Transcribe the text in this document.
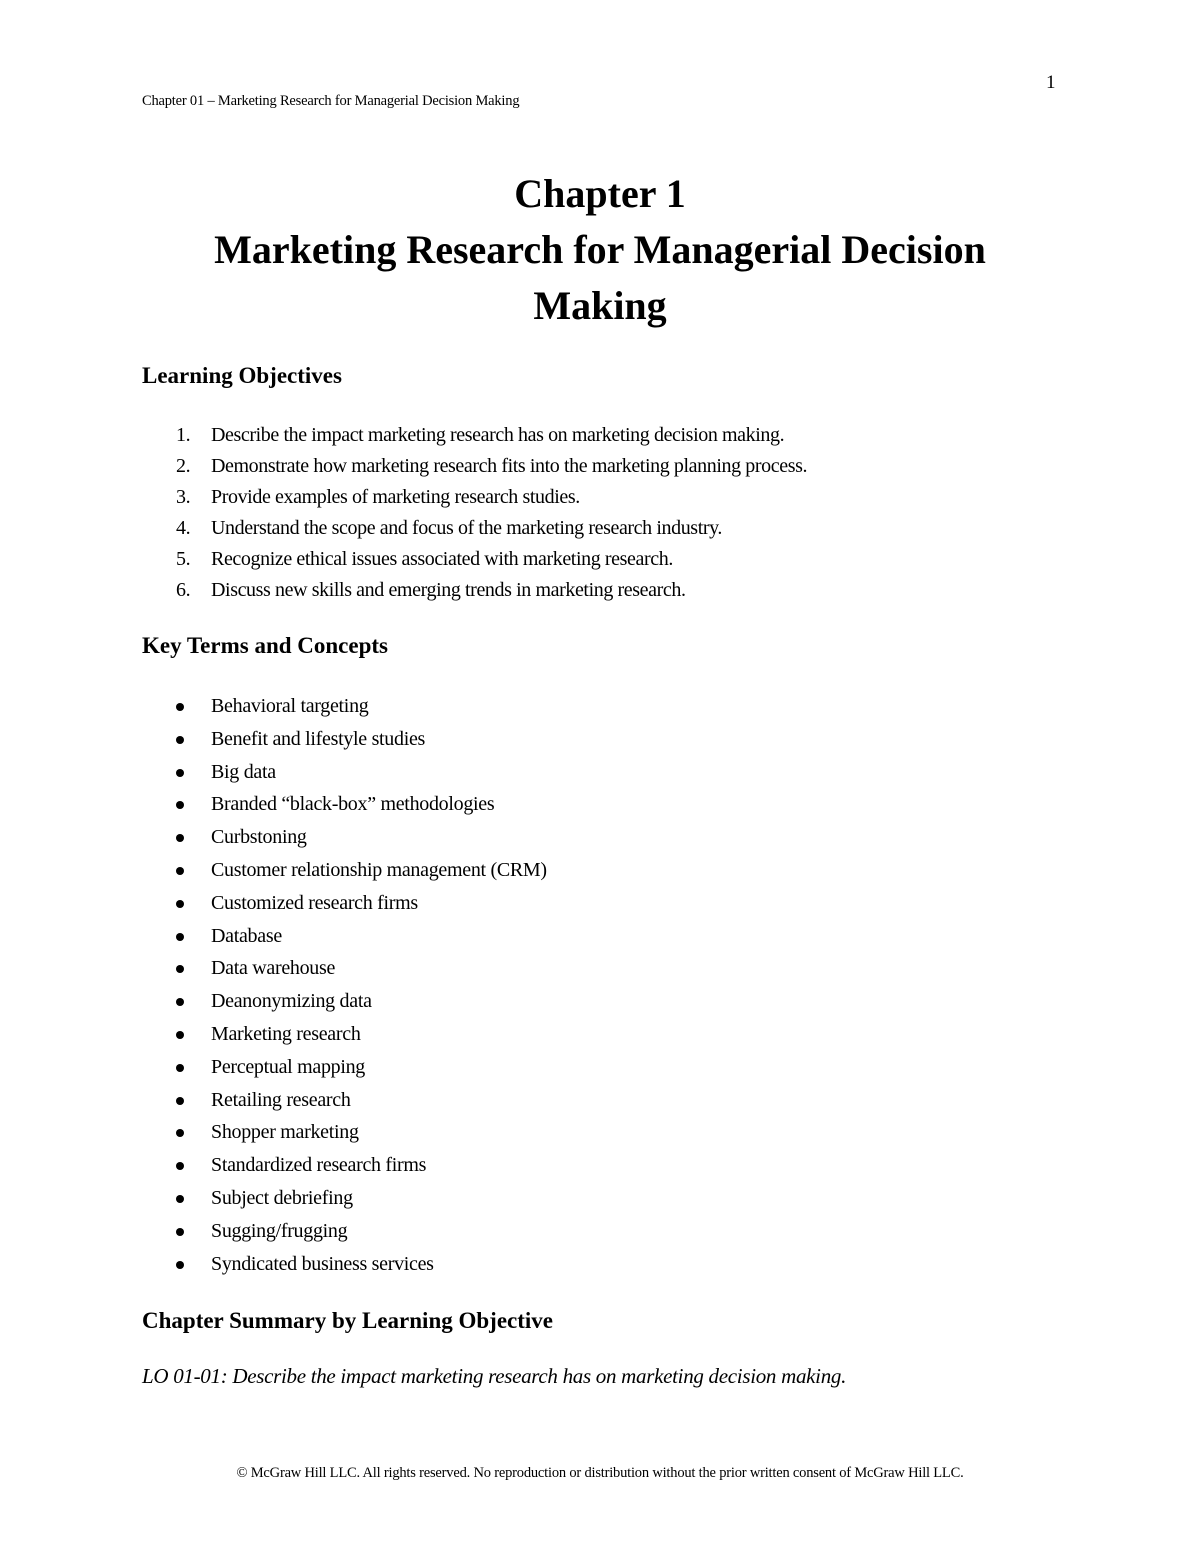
1
Chapter 01 – Marketing Research for Managerial Decision Making
Chapter 1
Marketing Research for Managerial Decision Making
Learning Objectives
1. Describe the impact marketing research has on marketing decision making.
2. Demonstrate how marketing research fits into the marketing planning process.
3. Provide examples of marketing research studies.
4. Understand the scope and focus of the marketing research industry.
5. Recognize ethical issues associated with marketing research.
6. Discuss new skills and emerging trends in marketing research.
Key Terms and Concepts
Behavioral targeting
Benefit and lifestyle studies
Big data
Branded “black-box” methodologies
Curbstoning
Customer relationship management (CRM)
Customized research firms
Database
Data warehouse
Deanonymizing data
Marketing research
Perceptual mapping
Retailing research
Shopper marketing
Standardized research firms
Subject debriefing
Sugging/frugging
Syndicated business services
Chapter Summary by Learning Objective
LO 01-01: Describe the impact marketing research has on marketing decision making.
© McGraw Hill LLC. All rights reserved. No reproduction or distribution without the prior written consent of McGraw Hill LLC.
